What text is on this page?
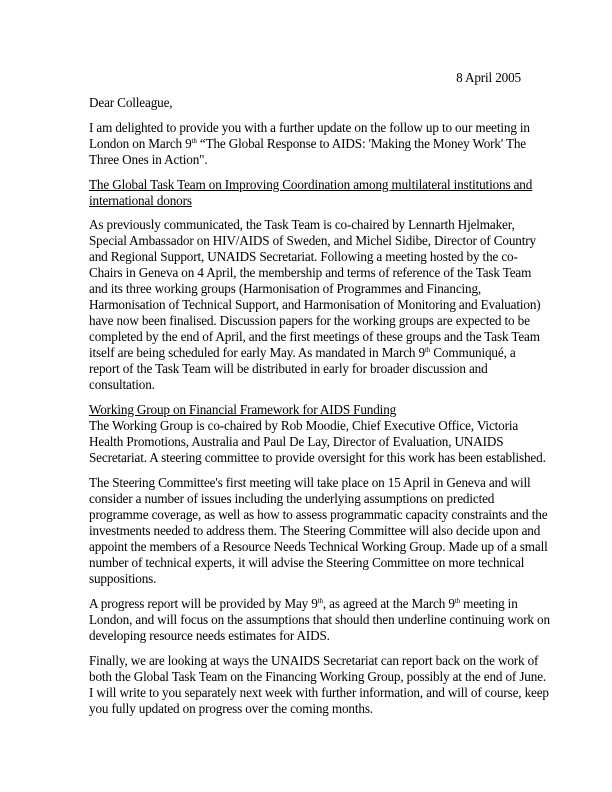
8 April 2005
Dear Colleague,
I am delighted to provide you with a further update on the follow up to our meeting in
London on March 9th “The Global Response to AIDS: 'Making the Money Work' The
Three Ones in Action".
The Global Task Team on Improving Coordination among multilateral institutions and
international donors
As previously communicated, the Task Team is co-chaired by Lennarth Hjelmaker,
Special Ambassador on HIV/AIDS of Sweden, and Michel Sidibe, Director of Country
and Regional Support, UNAIDS Secretariat. Following a meeting hosted by the co-
Chairs in Geneva on 4 April, the membership and terms of reference of the Task Team
and its three working groups (Harmonisation of Programmes and Financing,
Harmonisation of Technical Support, and Harmonisation of Monitoring and Evaluation)
have now been finalised. Discussion papers for the working groups are expected to be
completed by the end of April, and the first meetings of these groups and the Task Team
itself are being scheduled for early May. As mandated in March 9th Communiqué, a
report of the Task Team will be distributed in early for broader discussion and
consultation.
Working Group on Financial Framework for AIDS Funding
The Working Group is co-chaired by Rob Moodie, Chief Executive Office, Victoria
Health Promotions, Australia and Paul De Lay, Director of Evaluation, UNAIDS
Secretariat. A steering committee to provide oversight for this work has been established.
The Steering Committee's first meeting will take place on 15 April in Geneva and will
consider a number of issues including the underlying assumptions on predicted
programme coverage, as well as how to assess programmatic capacity constraints and the
investments needed to address them. The Steering Committee will also decide upon and
appoint the members of a Resource Needs Technical Working Group. Made up of a small
number of technical experts, it will advise the Steering Committee on more technical
suppositions.
A progress report will be provided by May 9th, as agreed at the March 9th meeting in
London, and will focus on the assumptions that should then underline continuing work on
developing resource needs estimates for AIDS.
Finally, we are looking at ways the UNAIDS Secretariat can report back on the work of
both the Global Task Team on the Financing Working Group, possibly at the end of June.
I will write to you separately next week with further information, and will of course, keep
you fully updated on progress over the coming months.
